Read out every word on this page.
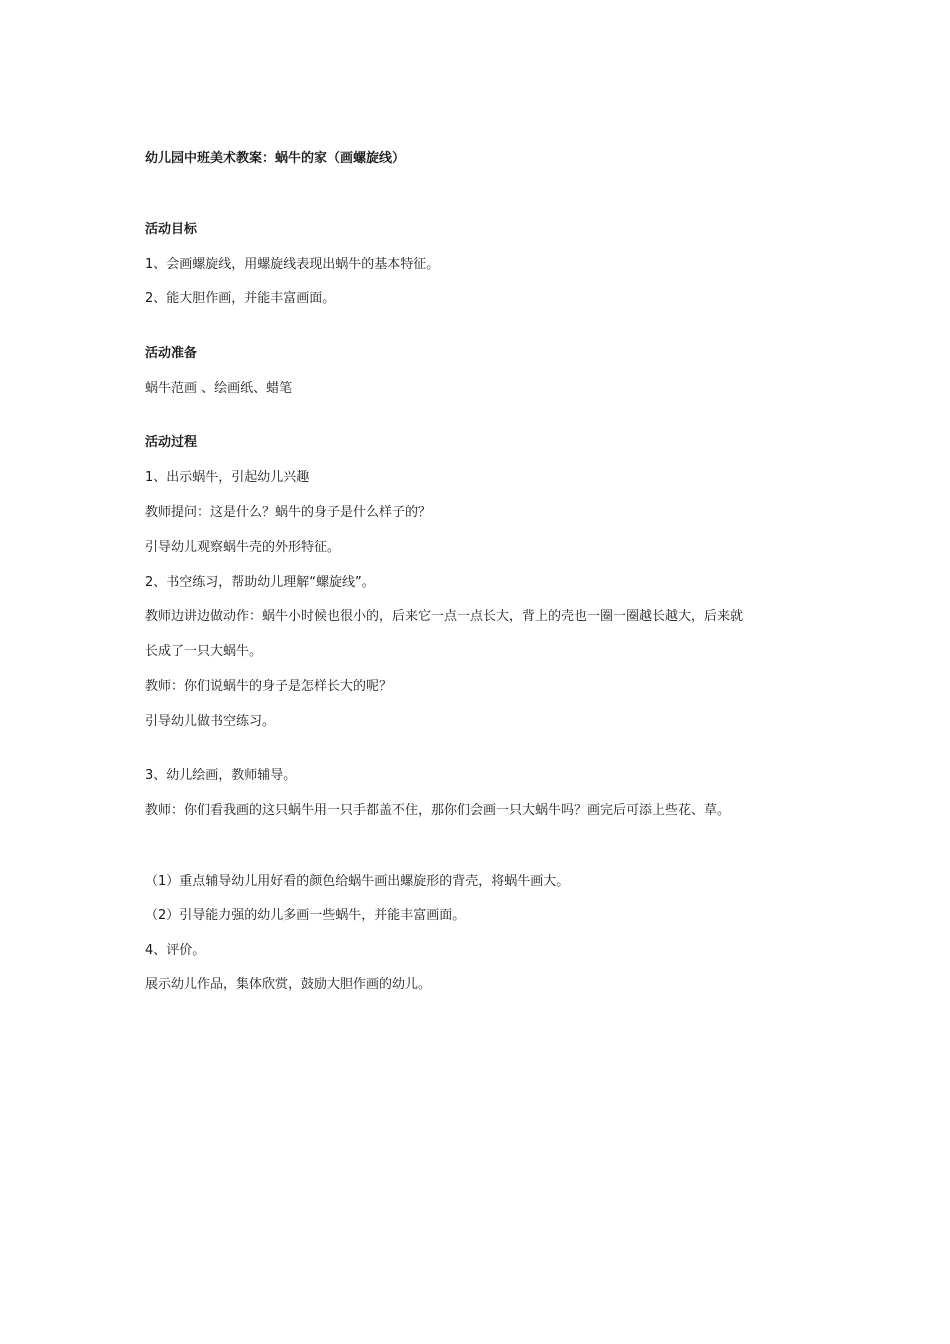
幼儿园中班美术教案：蜗牛的家（画螺旋线）
活动目标
1、会画螺旋线，用螺旋线表现出蜗牛的基本特征。
2、能大胆作画，并能丰富画面。
活动准备
蜗牛范画 、绘画纸、蜡笔
活动过程
1、出示蜗牛，引起幼儿兴趣
教师提问：这是什么？蜗牛的身子是什么样子的？
引导幼儿观察蜗牛壳的外形特征。
2、书空练习，帮助幼儿理解“螺旋线”。
教师边讲边做动作：蜗牛小时候也很小的，后来它一点一点长大，背上的壳也一圈一圈越长越大，后来就
长成了一只大蜗牛。
教师：你们说蜗牛的身子是怎样长大的呢？
引导幼儿做书空练习。
3、幼儿绘画，教师辅导。
教师：你们看我画的这只蜗牛用一只手都盖不住，那你们会画一只大蜗牛吗？画完后可添上些花、草。
（1）重点辅导幼儿用好看的颜色给蜗牛画出螺旋形的背壳，将蜗牛画大。
（2）引导能力强的幼儿多画一些蜗牛，并能丰富画面。
4、评价。
展示幼儿作品，集体欣赏，鼓励大胆作画的幼儿。
